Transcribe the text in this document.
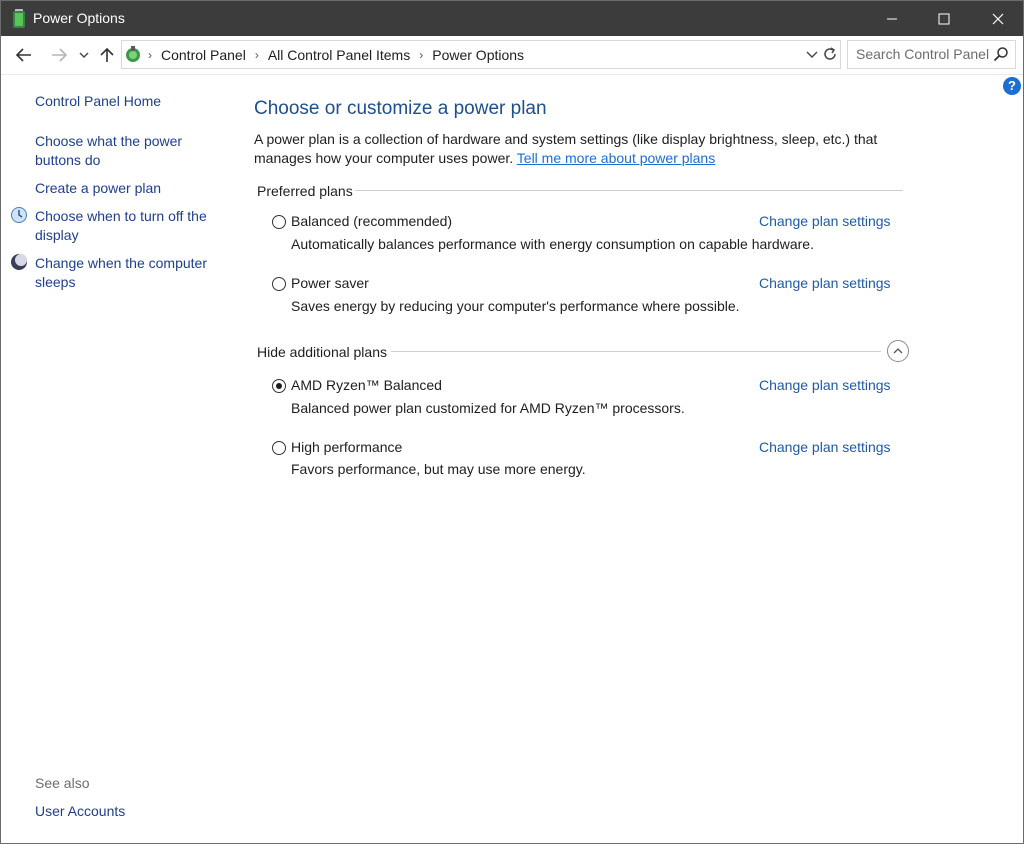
Power Options
› Control Panel › All Control Panel Items › Power Options	Search Control Panel
?
Control Panel Home
Choose what the power buttons do
Create a power plan
Choose when to turn off the display
Change when the computer sleeps
See also
User Accounts
Choose or customize a power plan
A power plan is a collection of hardware and system settings (like display brightness, sleep, etc.) that manages how your computer uses power. Tell me more about power plans
Preferred plans
Balanced (recommended)	Change plan settings
Automatically balances performance with energy consumption on capable hardware.
Power saver	Change plan settings
Saves energy by reducing your computer's performance where possible.
Hide additional plans
AMD Ryzen™ Balanced	Change plan settings
Balanced power plan customized for AMD Ryzen™ processors.
High performance	Change plan settings
Favors performance, but may use more energy.
